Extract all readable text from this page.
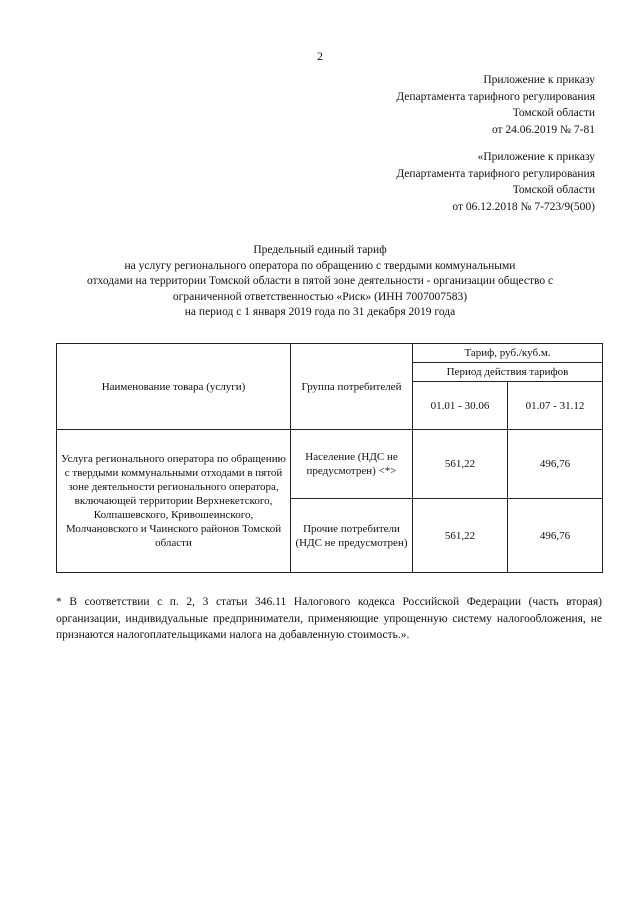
2
Приложение к приказу
Департамента тарифного регулирования
Томской области
от 24.06.2019 № 7-81
«Приложение к приказу
Департамента тарифного регулирования
Томской области
от 06.12.2018 № 7-723/9(500)
Предельный единый тариф
на услугу регионального оператора по обращению с твердыми коммунальными
отходами на территории Томской области в пятой зоне деятельности - организации общество с
ограниченной ответственностью «Риск» (ИНН 7007007583)
на период с 1 января 2019 года по 31 декабря 2019 года
Наименование товара (услуги)	Группа потребителей	Тариф, руб./куб.м.	
		Период действия тарифов	
		01.01 - 30.06	01.07 - 31.12
Услуга регионального оператора по обращению с твердыми коммунальными отходами в пятой зоне деятельности регионального оператора, включающей территории Верхнекетского, Колпашевского, Кривошеинского, Молчановского и Чаинского районов Томской области	Население (НДС не предусмотрен) <*>	561,22	496,76
	Прочие потребители (НДС не предусмотрен)	561,22	496,76
* В соответствии с п. 2, 3 статьи 346.11 Налогового кодекса Российской Федерации (часть вторая) организации, индивидуальные предприниматели, применяющие упрощенную систему налогообложения, не признаются налогоплательщиками налога на добавленную стоимость.».
